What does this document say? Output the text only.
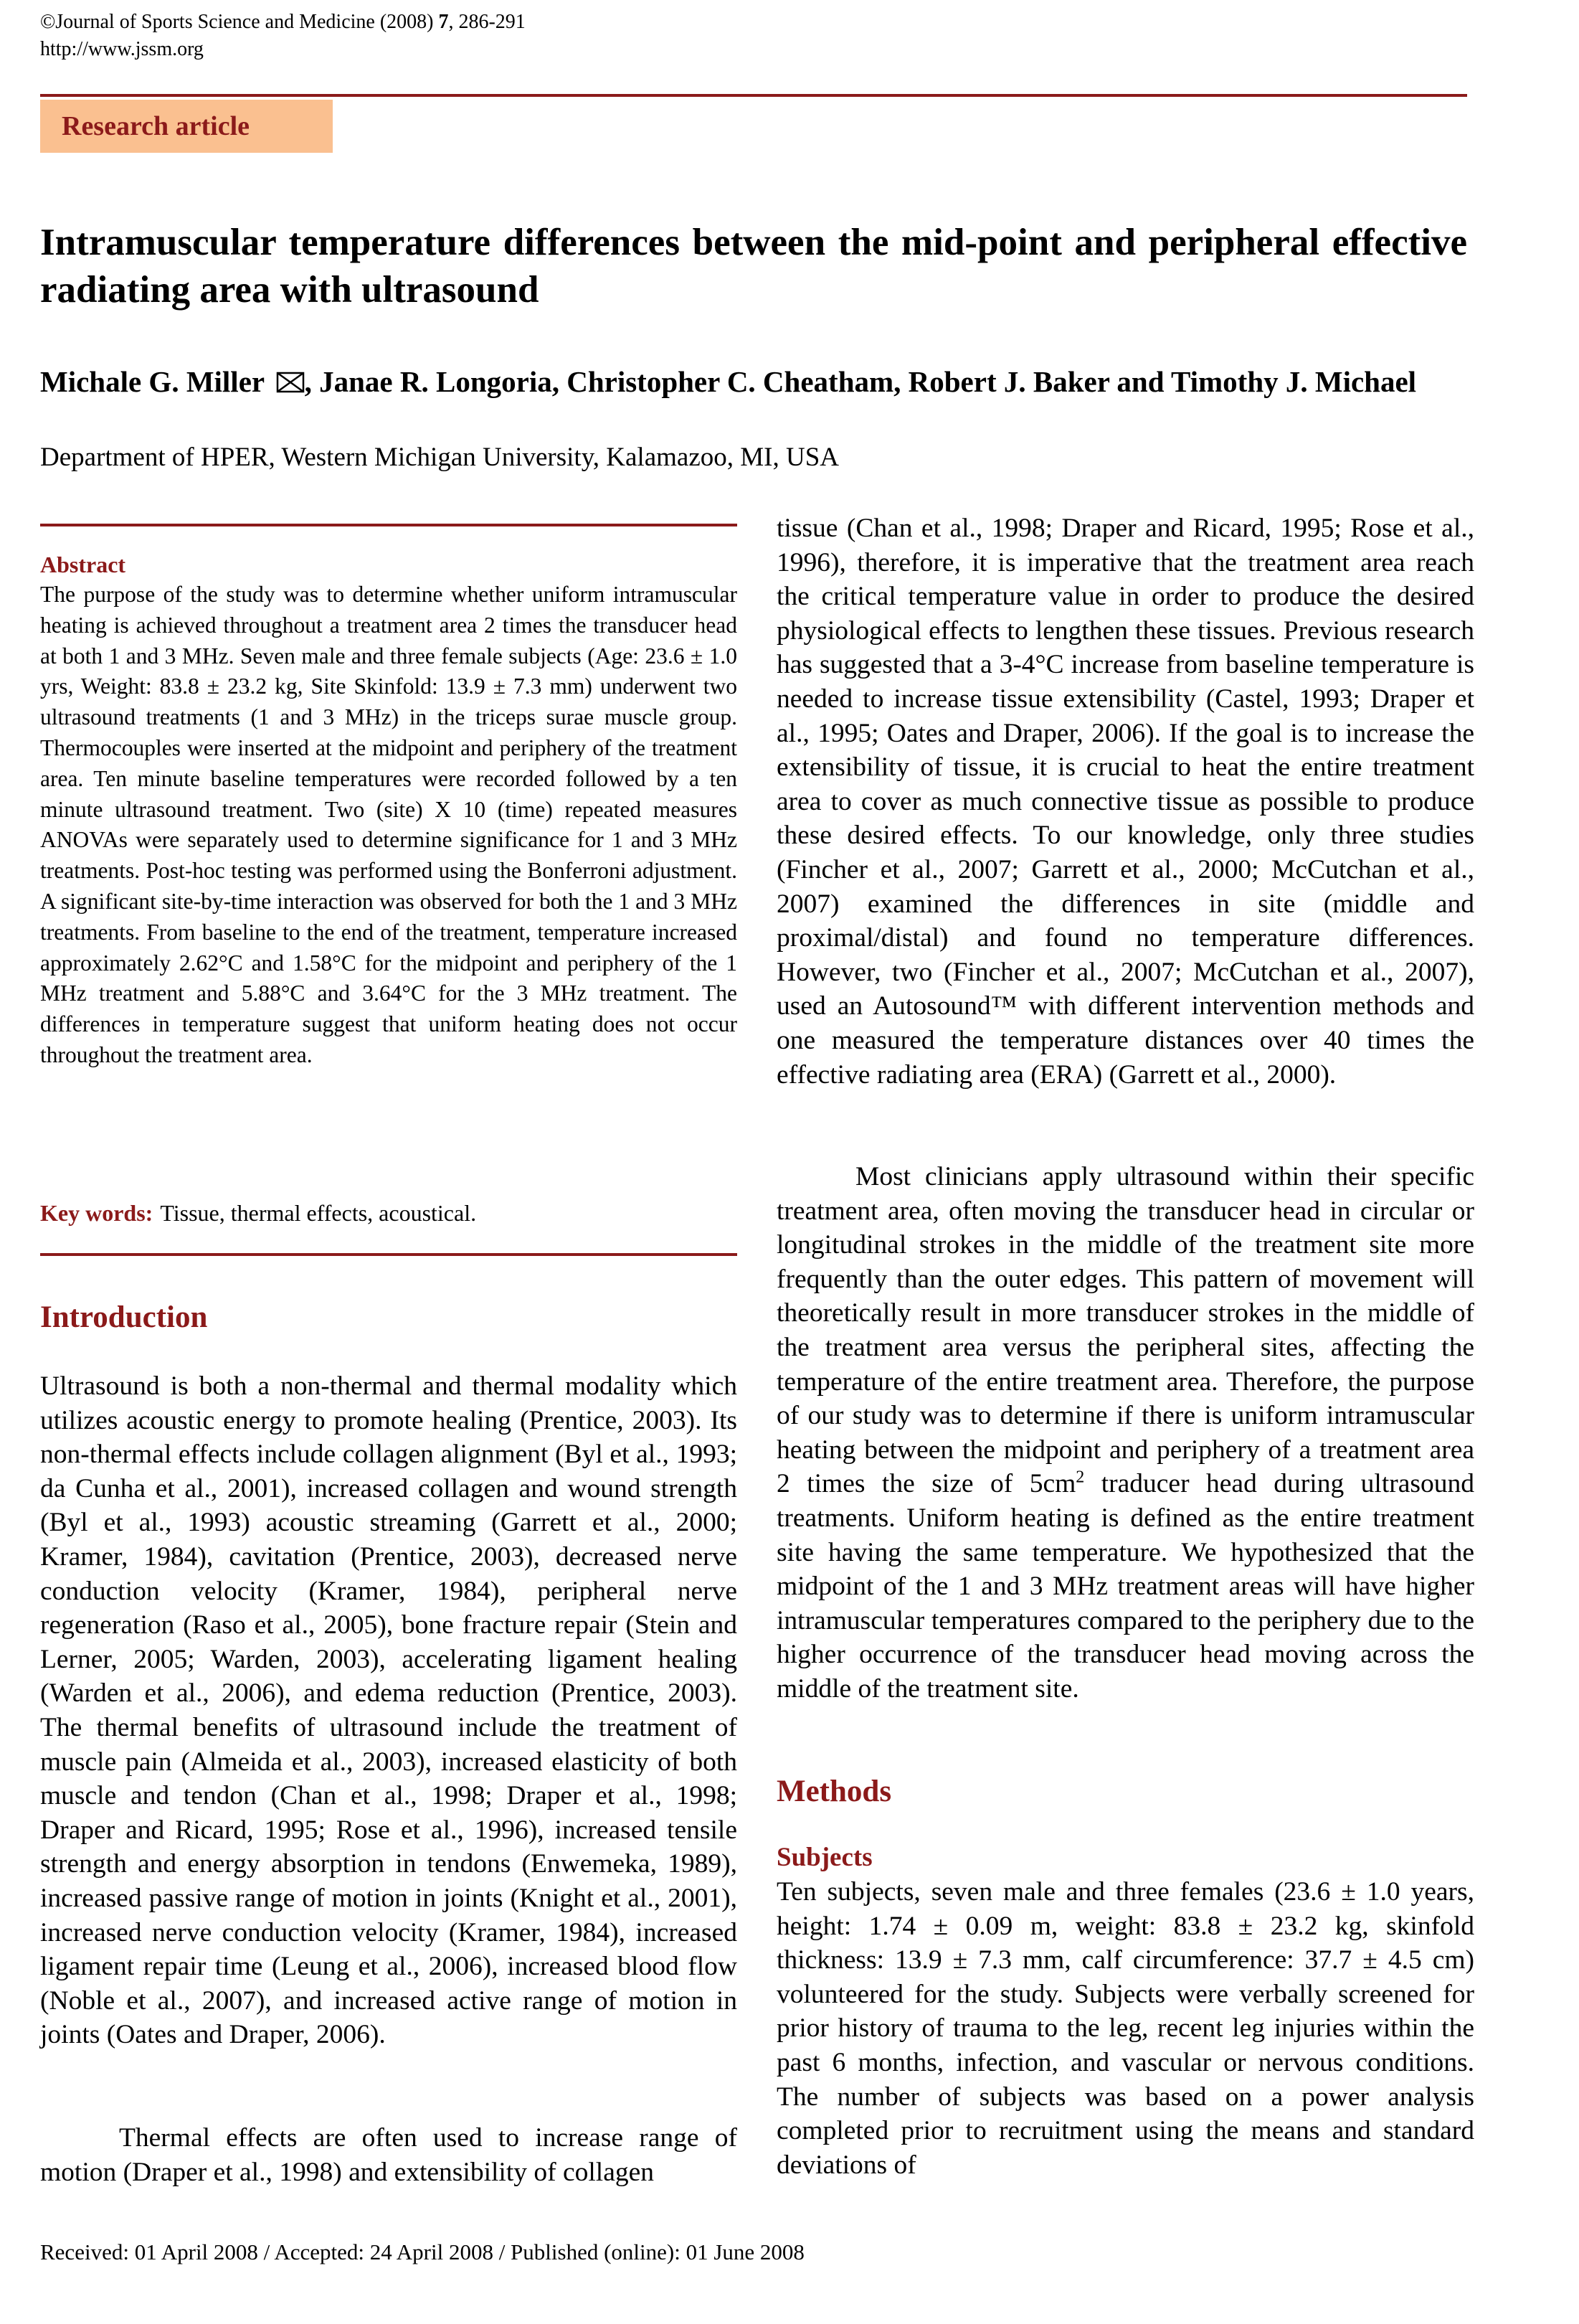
©Journal of Sports Science and Medicine (2008) 7, 286-291
http://www.jssm.org
Research article
Intramuscular temperature differences between the mid-point and peripheral effective radiating area with ultrasound

Michale G. Miller , Janae R. Longoria, Christopher C. Cheatham, Robert J. Baker and Timothy J. Michael

Department of HPER, Western Michigan University, Kalamazoo, MI, USA

Abstract

The purpose of the study was to determine whether uniform intramuscular heating is achieved throughout a treatment area 2 times the transducer head at both 1 and 3 MHz. Seven male and three female subjects (Age: 23.6 ± 1.0 yrs, Weight: 83.8 ± 23.2 kg, Site Skinfold: 13.9 ± 7.3 mm) underwent two ultrasound treatments (1 and 3 MHz) in the triceps surae muscle group. Thermocouples were inserted at the midpoint and periphery of the treatment area. Ten minute baseline temperatures were recorded followed by a ten minute ultrasound treatment. Two (site) X 10 (time) repeated measures ANOVAs were separately used to determine significance for 1 and 3 MHz treatments. Post-hoc testing was performed using the Bonferroni adjustment. A significant site-by-time interaction was observed for both the 1 and 3 MHz treatments. From baseline to the end of the treatment, temperature increased approximately 2.62°C and 1.58°C for the midpoint and periphery of the 1 MHz treatment and 5.88°C and 3.64°C for the 3 MHz treatment. The differences in temperature suggest that uniform heating does not occur throughout the treatment area.

Key words: Tissue, thermal effects, acoustical.
Introduction

Ultrasound is both a non-thermal and thermal modality which utilizes acoustic energy to promote healing (Prentice, 2003). Its non-thermal effects include collagen alignment (Byl et al., 1993; da Cunha et al., 2001), increased collagen and wound strength (Byl et al., 1993) acoustic streaming (Garrett et al., 2000; Kramer, 1984), cavitation (Prentice, 2003), decreased nerve conduction velocity (Kramer, 1984), peripheral nerve regeneration (Raso et al., 2005), bone fracture repair (Stein and Lerner, 2005; Warden, 2003), accelerating ligament healing (Warden et al., 2006), and edema reduction (Prentice, 2003). The thermal benefits of ultrasound include the treatment of muscle pain (Almeida et al., 2003), increased elasticity of both muscle and tendon (Chan et al., 1998; Draper et al., 1998; Draper and Ricard, 1995; Rose et al., 1996), increased tensile strength and energy absorption in tendons (Enwemeka, 1989), increased passive range of motion in joints (Knight et al., 2001), increased nerve conduction velocity (Kramer, 1984), increased ligament repair time (Leung et al., 2006), increased blood flow (Noble et al., 2007), and increased active range of motion in joints (Oates and Draper, 2006).

Thermal effects are often used to increase range of motion (Draper et al., 1998) and extensibility of collagen

tissue (Chan et al., 1998; Draper and Ricard, 1995; Rose et al., 1996), therefore, it is imperative that the treatment area reach the critical temperature value in order to produce the desired physiological effects to lengthen these tissues. Previous research has suggested that a 3-4°C increase from baseline temperature is needed to increase tissue extensibility (Castel, 1993; Draper et al., 1995; Oates and Draper, 2006). If the goal is to increase the extensibility of tissue, it is crucial to heat the entire treatment area to cover as much connective tissue as possible to produce these desired effects. To our knowledge, only three studies (Fincher et al., 2007; Garrett et al., 2000; McCutchan et al., 2007) examined the differences in site (middle and proximal/distal) and found no temperature differences. However, two (Fincher et al., 2007; McCutchan et al., 2007), used an Autosound™ with different intervention methods and one measured the temperature distances over 40 times the effective radiating area (ERA) (Garrett et al., 2000).

Most clinicians apply ultrasound within their specific treatment area, often moving the transducer head in circular or longitudinal strokes in the middle of the treatment site more frequently than the outer edges. This pattern of movement will theoretically result in more transducer strokes in the middle of the treatment area versus the peripheral sites, affecting the temperature of the entire treatment area. Therefore, the purpose of our study was to determine if there is uniform intramuscular heating between the midpoint and periphery of a treatment area 2 times the size of $5cm^2$ traducer head during ultrasound treatments. Uniform heating is defined as the entire treatment site having the same temperature. We hypothesized that the midpoint of the 1 and 3 MHz treatment areas will have higher intramuscular temperatures compared to the periphery due to the higher occurrence of the transducer head moving across the middle of the treatment site.

Methods
Subjects

Ten subjects, seven male and three females (23.6 ± 1.0 years, height: 1.74 ± 0.09 m, weight: 83.8 ± 23.2 kg, skinfold thickness: 13.9 ± 7.3 mm, calf circumference: 37.7 ± 4.5 cm) volunteered for the study. Subjects were verbally screened for prior history of trauma to the leg, recent leg injuries within the past 6 months, infection, and vascular or nervous conditions. The number of subjects was based on a power analysis completed prior to recruitment using the means and standard deviations of

Received: 01 April 2008 / Accepted: 24 April 2008 / Published (online): 01 June 2008
